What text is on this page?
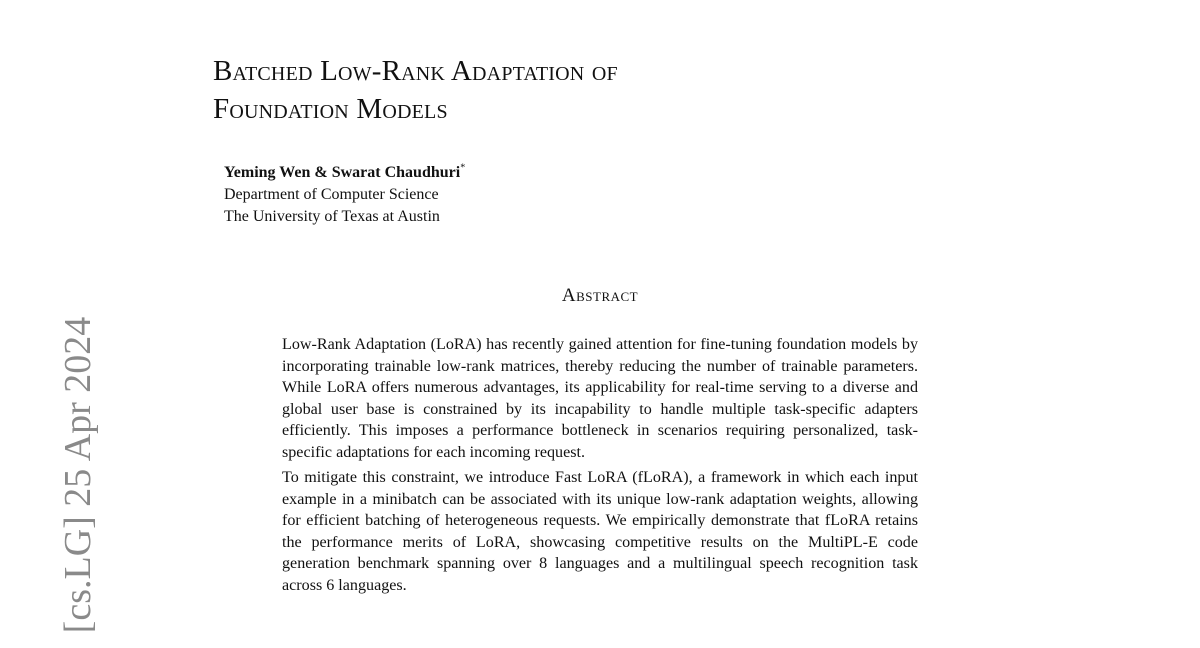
[cs.LG] 25 Apr 2024
Batched Low-Rank Adaptation of
Foundation Models
Yeming Wen & Swarat Chaudhuri*
Department of Computer Science
The University of Texas at Austin
Abstract

Low-Rank Adaptation (LoRA) has recently gained attention for fine-tuning foundation models by incorporating trainable low-rank matrices, thereby reducing the number of trainable parameters. While LoRA offers numerous advantages, its applicability for real-time serving to a diverse and global user base is constrained by its incapability to handle multiple task-specific adapters efficiently. This imposes a performance bottleneck in scenarios requiring personalized, task-specific adaptations for each incoming request.

To mitigate this constraint, we introduce Fast LoRA (fLoRA), a framework in which each input example in a minibatch can be associated with its unique low-rank adaptation weights, allowing for efficient batching of heterogeneous requests. We empirically demonstrate that fLoRA retains the performance merits of LoRA, showcasing competitive results on the MultiPL-E code generation benchmark spanning over 8 languages and a multilingual speech recognition task across 6 languages.
